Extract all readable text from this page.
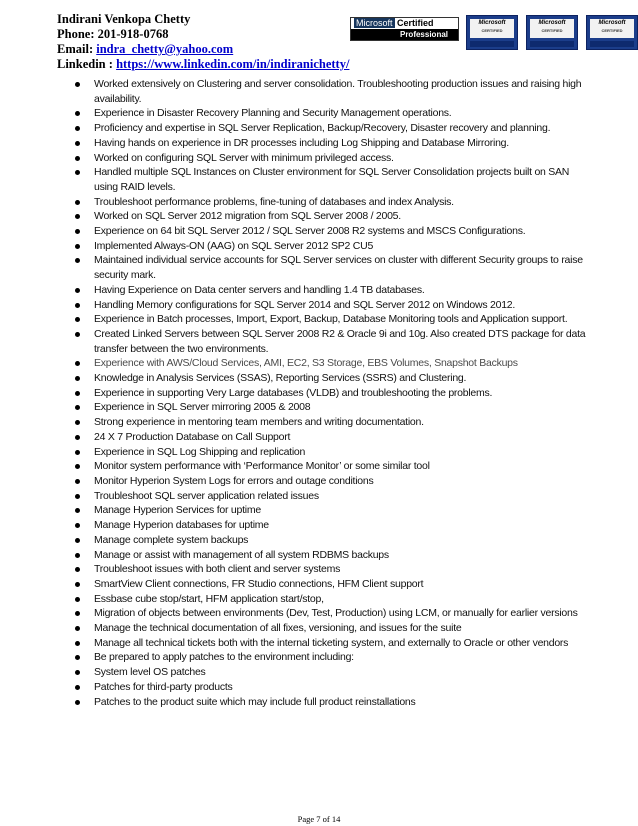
Indirani Venkopa Chetty
Phone: 201-918-0768
Email: indra_chetty@yahoo.com
Linkedin : https://www.linkedin.com/in/indiranichetty/
Microsoft Certified
Professional
Microsoft
CERTIFIED
Microsoft
CERTIFIED
Microsoft
CERTIFIED
Worked extensively on Clustering and server consolidation. Troubleshooting production issues and raising high availability.
Experience in Disaster Recovery Planning and Security Management operations.
Proficiency and expertise in SQL Server Replication, Backup/Recovery, Disaster recovery and planning.
Having hands on experience in DR processes including Log Shipping and Database Mirroring.
Worked on configuring SQL Server with minimum privileged access.
Handled multiple SQL Instances on Cluster environment for SQL Server Consolidation projects built on SAN using RAID levels.
Troubleshoot performance problems, fine-tuning of databases and index Analysis.
Worked on SQL Server 2012 migration from SQL Server 2008 / 2005.
Experience on 64 bit SQL Server 2012 / SQL Server 2008 R2 systems and MSCS Configurations.
Implemented Always-ON (AAG) on SQL Server 2012 SP2 CU5
Maintained individual service accounts for SQL Server services on cluster with different Security groups to raise security mark.
Having Experience on Data center servers and handling 1.4 TB databases.
Handling Memory configurations for SQL Server 2014 and SQL Server 2012 on Windows 2012.
Experience in Batch processes, Import, Export, Backup, Database Monitoring tools and Application support.
Created Linked Servers between SQL Server 2008 R2 & Oracle 9i and 10g. Also created DTS package for data transfer between the two environments.
Experience with AWS/Cloud Services, AMI, EC2, S3 Storage, EBS Volumes, Snapshot Backups
Knowledge in Analysis Services (SSAS), Reporting Services (SSRS) and Clustering.
Experience in supporting Very Large databases (VLDB) and troubleshooting the problems.
Experience in SQL Server mirroring 2005 & 2008
Strong experience in mentoring team members and writing documentation.
24 X 7 Production Database on Call Support
Experience in SQL Log Shipping and replication
Monitor system performance with ‘Performance Monitor’ or some similar tool
Monitor Hyperion System Logs for errors and outage conditions
Troubleshoot SQL server application related issues
Manage Hyperion Services for uptime
Manage Hyperion databases for uptime
Manage complete system backups
Manage or assist with management of all system RDBMS backups
Troubleshoot issues with both client and server systems
SmartView Client connections, FR Studio connections, HFM Client support
Essbase cube stop/start, HFM application start/stop,
Migration of objects between environments (Dev, Test, Production) using LCM, or manually for earlier versions
Manage the technical documentation of all fixes, versioning, and issues for the suite
Manage all technical tickets both with the internal ticketing system, and externally to Oracle or other vendors
Be prepared to apply patches to the environment including:
System level OS patches
Patches for third-party products
Patches to the product suite which may include full product reinstallations
Page 7 of 14
